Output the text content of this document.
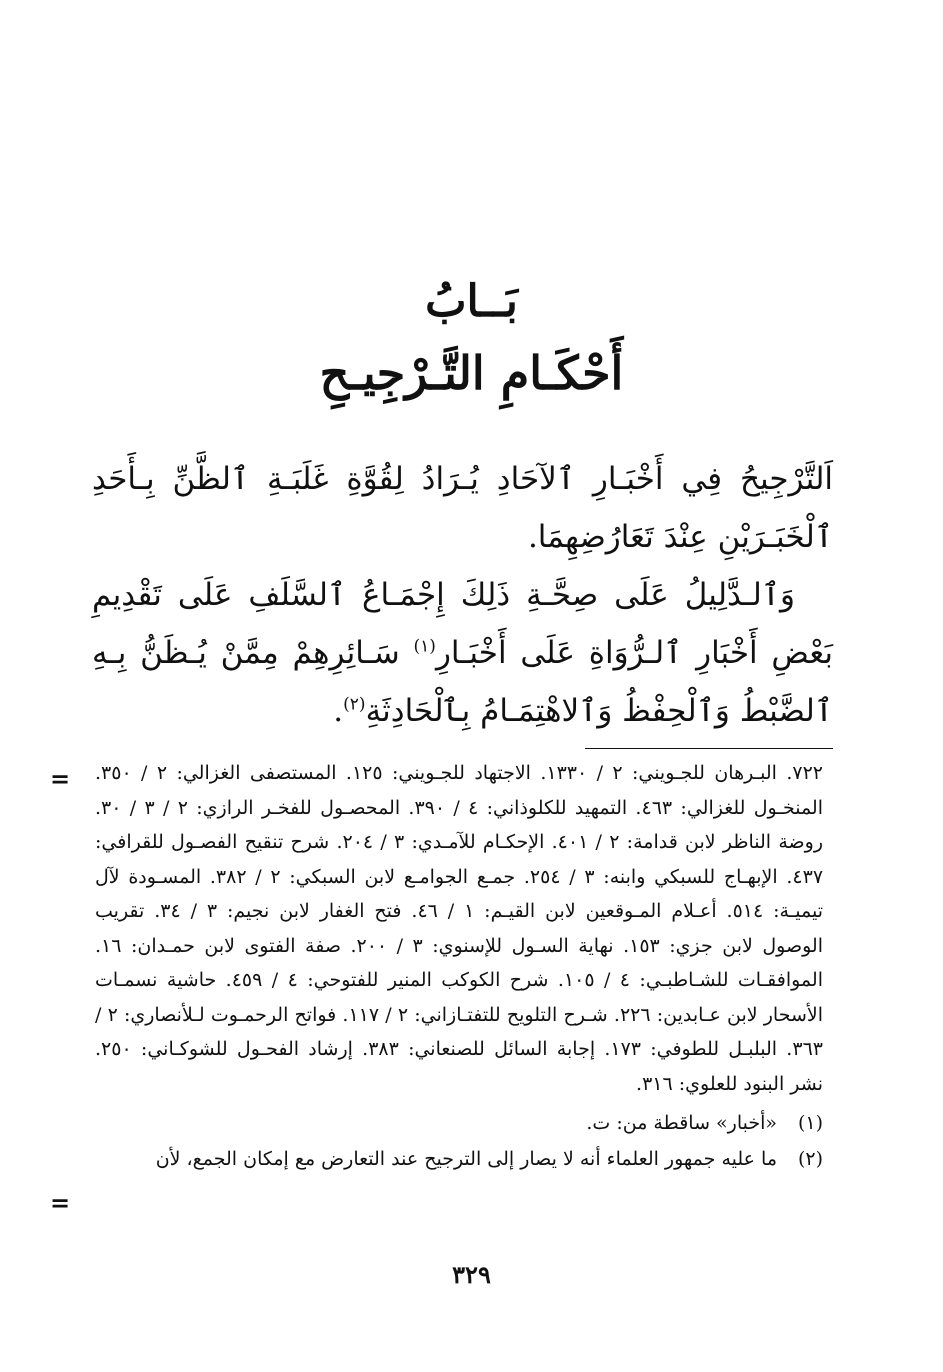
بَــابُ
أَحْكَـامِ التَّـرْجِيـحِ

اَلتَّرْجِيحُ فِي أَخْبَـارِ ٱلآحَادِ يُـرَادُ لِقُوَّةِ غَلَبَـةِ ٱلظَّنِّ بِـأَحَدِ ٱلْخَبَـرَيْنِ عِنْدَ تَعَارُضِهِمَا.

وَٱلـدَّلِيلُ عَلَى صِحَّـةِ ذَلِكَ إِجْمَـاعُ ٱلسَّلَفِ عَلَى تَقْدِيمِ بَعْضِ أَخْبَارِ ٱلـرُّوَاةِ عَلَى أَخْبَـارِ$^{(١)}$ سَـائِرِهِمْ مِمَّنْ يُـظَنُّ بِـهِ ٱلضَّبْطُ وَٱلْحِفْظُ وَٱلاهْتِمَـامُ بِٱلْحَادِثَةِ$^{(٢)}$.

= ٧٢٢. البـرهان للجـويني: ٢ / ١٣٣٠. الاجتهاد للجـويني: ١٢٥. المستصفى الغزالي: ٢ / ٣٥٠. المنخـول للغزالي: ٤٦٣. التمهيد للكلوذاني: ٤ / ٣٩٠. المحصـول للفخـر الرازي: ٢ / ٣ / ٣٠. روضة الناظر لابن قدامة: ٢ / ٤٠١. الإحكـام للآمـدي: ٣ / ٢٠٤. شرح تنقيح الفصـول للقرافي: ٤٣٧. الإبهـاج للسبكي وابنه: ٣ / ٢٥٤. جمـع الجوامـع لابن السبكي: ٢ / ٣٨٢. المسـودة لآل تيميـة: ٥١٤. أعـلام المـوقعين لابن القيـم: ١ / ٤٦. فتح الغفار لابن نجيم: ٣ / ٣٤. تقريب الوصول لابن جزي: ١٥٣. نهاية السـول للإسنوي: ٣ / ٢٠٠. صفة الفتوى لابن حمـدان: ١٦. الموافقـات للشـاطبـي: ٤ / ١٠٥. شرح الكوكب المنير للفتوحي: ٤ / ٤٥٩. حاشية نسمـات الأسحار لابن عـابدين: ٢٢٦. شـرح التلويح للتفتـازاني: ٢ / ١١٧. فواتح الرحمـوت لـلأنصاري: ٢ / ٣٦٣. البلبـل للطوفي: ١٧٣. إجابة السائل للصنعاني: ٣٨٣. إرشاد الفحـول للشوكـاني: ٢٥٠. نشر البنود للعلوي: ٣١٦.

(١)
«أخبار» ساقطة من: ت.

(٢)
ما عليه جمهور العلماء أنه لا يصار إلى الترجيح عند التعارض مع إمكان الجمع، لأن

=
٣٢٩
